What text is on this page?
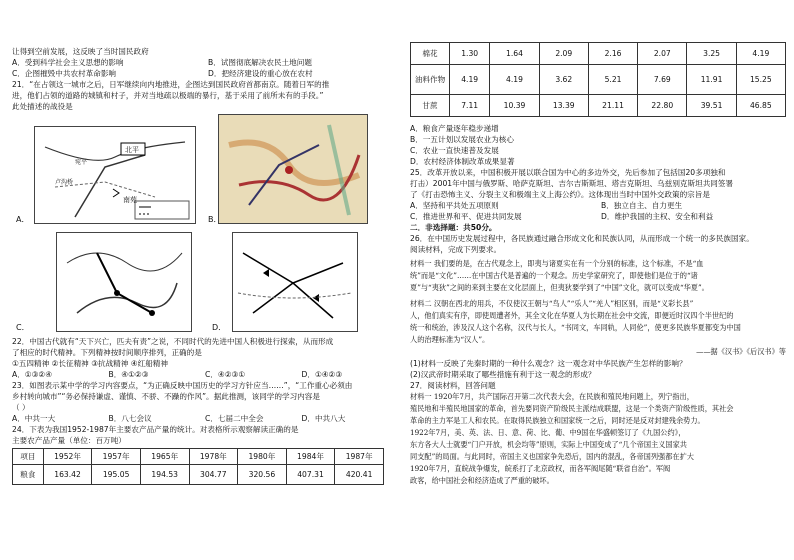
让得到空前发展，这反映了当时国民政府

A．受到科学社会主义思想的影响	B．试图彻底解决农民土地问题

C．企图摧毁中共农村革命影响	D．把经济建设的重心放在农村

21．“在占领这一城市之后，日军继续向内地推进，企图达到国民政府首都南京。随着日军的推

进，他们占领的道路的城镇和村子，并对当地疏以极端的暴行，基于采用了前所未有的手段。”

此处描述的战役是

北平
南苑
卢沟桥
宛平
A．	B．
C．	D．

22．中国古代就有“天下兴亡，匹夫有责”之说，不同时代的先进中国人积极进行探索，从而形成

了相应的时代精神。下列精神按时间顺序排列，正确的是

①五四精神 ②长征精神 ③抗战精神 ④红船精神

A．①③②④	B．④①②③	C．④②③①	D．①④②③

23．如图表示某中学的学习内容要点，“为正确反映中国历史的学习方针应当……”，“工作重心必须由

乡村转向城市”“务必保持谦虚、谨慎、不骄、不躁的作风”。据此推测，该同学的学习内容是

（ ）

A．中共一大	B．八七会议	C．七届二中全会	D．中共八大

24．下表为我国1952-1987年主要农产品产量的统计。对表格所示观察解读正确的是

主要农产品产量（单位：百万吨）

项目	1952年	1957年	1965年	1978年	1980年	1984年	1987年
粮食	163.42	195.05	194.53	304.77	320.56	407.31	420.41
棉花	1.30	1.64	2.09	2.16	2.07	3.25	4.19
油料作物	4.19	4.19	3.62	5.21	7.69	11.91	15.25
甘蔗	7.11	10.39	13.39	21.11	22.80	39.51	46.85

A．粮食产量逐年稳步递增

B．一五计划以发展农业为核心

C．农业一直快速普及发展

D．农村经济体制改革成果显著

25．改革开放以来，中国积极开展以联合国为中心的多边外交，先后参加了包括国20多项独和

打击）2001年中国与俄罗斯、哈萨克斯坦、吉尔吉斯斯坦、塔吉克斯坦、乌兹别克斯坦共同签署

了《打击恐怖主义、分裂主义和极端主义上海公约》。这体现出当时中国外交政策的宗旨是

A．坚持和平共处五项原则	B．独立自主、自力更生

C．推进世界和平、促进共同发展	D．维护我国的主权、安全和利益

二．非选择题：共50分。

26．在中国历史发展过程中，各民族通过融合形成文化和民族认同，从而形成一个统一的多民族国家。

阅读材料，完成下列要求。

材料一 我们要的是，在古代观念上，即夷与诸夏实在有一个分别的标准，这个标准，不是“血

统”而是“文化”……在中国古代是普遍的一个观念。历史学家研究了，即使他们是位于的“诸

夏”与“夷狄”之间的来到主要在文化层面上，但夷狄要学到了“中国”文化，就可以变成“华夏”。

材料二 汉朝在西北的用兵，不仅使汉王朝与“鸟人”“乐人”“羌人”相区别，而是“义彩长县”

人，他们真实有序，即使周遭者外，其全文化在华夏人为长期在社会中交流，即便近时汉四个半世纪的

统一和统治，涉及汉人这个名称，汉代与长人，“书同文，车同轨，人同伦”，使更多民族华夏都变为中国

人的治理标准为“汉人”。

——据《汉书》《后汉书》等

(1)材料一反映了先秦时期的一种什么观念？这一观念对中华民族产生怎样的影响？

(2)汉武帝时期采取了哪些措施有利于这一观念的形成？

27．阅读材料，回答问题

材料一 1920年7月，共产国际召开第二次代表大会，在民族和殖民地问题上，列宁指出，

殖民地和半殖民地国家的革命，首先要同资产阶级民主派结成联盟，这是一个类资产阶级性质，其社会

革命的主力军是工人和农民。在取得民族独立和国家统一之后，同时还是反对封建残余势力。

1922年7月，美、英、法、日、意、荷、比、葡、中9国在华盛顿签订了《九国公约》，

东方各大人士就要“门户开放，机会均等”原则，实际上中国变成了“几个帝国主义国家共

同支配”的局面。与此同时，帝国主义也国家争先恐后，国内的混乱，各帝国列强都在扩大

1920年7月，直皖战争爆发，皖系打了北京政权，而各军阀尾随“联省自治”。军阀

政客，给中国社会和经济造成了严重的破坏。
